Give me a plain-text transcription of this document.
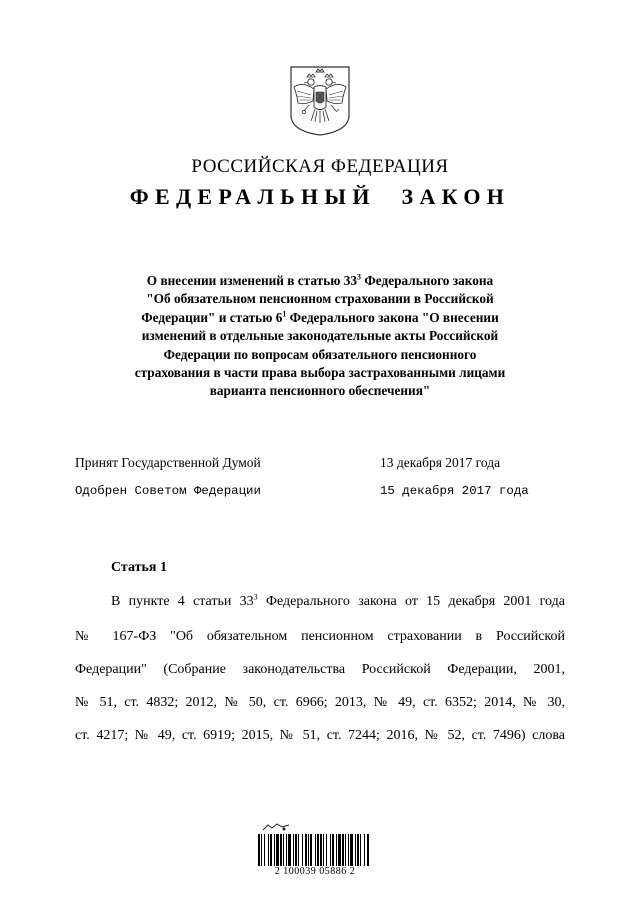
РОССИЙСКАЯ ФЕДЕРАЦИЯ
ФЕДЕРАЛЬНЫЙ ЗАКОН
О внесении изменений в статью $33^3$ Федерального закона
"Об обязательном пенсионном страховании в Российской
Федерации" и статью $6^1$ Федерального закона "О внесении
изменений в отдельные законодательные акты Российской
Федерации по вопросам обязательного пенсионного
страхования в части права выбора застрахованными лицами
варианта пенсионного обеспечения"
Принят Государственной Думой	13 декабря 2017 года
Одобрен Советом Федерации	15 декабря 2017 года
Статья 1
В пункте 4 статьи $33^3$ Федерального закона от 15 декабря 2001 года
№ 167-ФЗ "Об обязательном пенсионном страховании в Российской
Федерации" (Собрание законодательства Российской Федерации, 2001,
№ 51, ст. 4832; 2012, № 50, ст. 6966; 2013, № 49, ст. 6352; 2014, № 30,
ст. 4217; № 49, ст. 6919; 2015, № 51, ст. 7244; 2016, № 52, ст. 7496) слова
2 100039 05886 2
